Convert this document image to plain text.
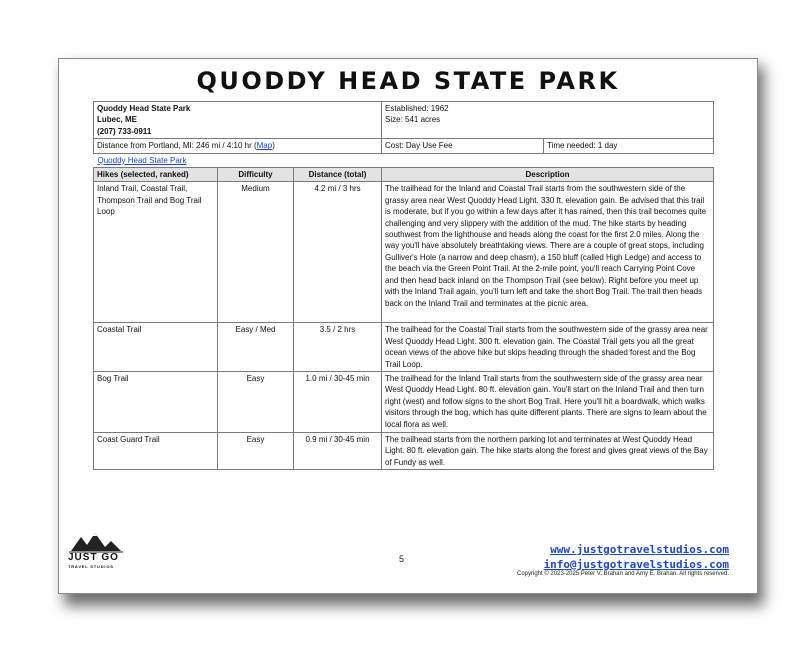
QUODDY HEAD STATE PARK
Quoddy Head State Park
Lubec, ME
(207) 733-0911			Established: 1962
Size: 541 acres	

Distance from Portland, MI: 246 mi / 4:10 hr (Map)			Cost: Day Use Fee	Time needed: 1 day
Quoddy Head State Park				
Hikes (selected, ranked)	Difficulty	Distance (total)	Description	
Inland Trail, Coastal Trail, Thompson Trail and Bog Trail Loop	Medium	4.2 mi / 3 hrs	The trailhead for the Inland and Coastal Trail starts from the southwestern side of the grassy area near West Quoddy Head Light. 330 ft. elevation gain. Be advised that this trail is moderate, but if you go within a few days after it has rained, then this trail becomes quite challenging and very slippery with the addition of the mud. The hike starts by heading southwest from the lighthouse and heads along the coast for the first 2.0 miles. Along the way you'll have absolutely breathtaking views. There are a couple of great stops, including Gulliver's Hole (a narrow and deep chasm), a 150 bluff (called High Ledge) and access to the beach via the Green Point Trail. At the 2-mile point, you'll reach Carrying Point Cove and then head back inland on the Thompson Trail (see below). Right before you meet up with the Inland Trail again, you'll turn left and take the short Bog Trail. The trail then heads back on the Inland Trail and terminates at the picnic area.	
Coastal Trail	Easy / Med	3.5 / 2 hrs	The trailhead for the Coastal Trail starts from the southwestern side of the grassy area near West Quoddy Head Light. 300 ft. elevation gain. The Coastal Trail gets you all the great ocean views of the above hike but skips heading through the shaded forest and the Bog Trail Loop.	
Bog Trail	Easy	1.0 mi / 30-45 min	The trailhead for the Inland Trail starts from the southwestern side of the grassy area near West Quoddy Head Light. 80 ft. elevation gain. You'll start on the Inland Trail and then turn right (west) and follow signs to the short Bog Trail. Here you'll hit a boardwalk, which walks visitors through the bog, which has quite different plants. There are signs to learn about the local flora as well.	
Coast Guard Trail	Easy	0.9 mi / 30-45 min	The trailhead starts from the northern parking lot and terminates at West Quoddy Head Light. 80 ft. elevation gain. The hike starts along the forest and gives great views of the Bay of Fundy as well.	
JUST GO
TRAVEL STUDIOS
5
www.justgotravelstudios.com
info@justgotravelstudios.com
Copyright © 2023-2025 Peter V. Brahan and Amy E. Brahan. All rights reserved.
